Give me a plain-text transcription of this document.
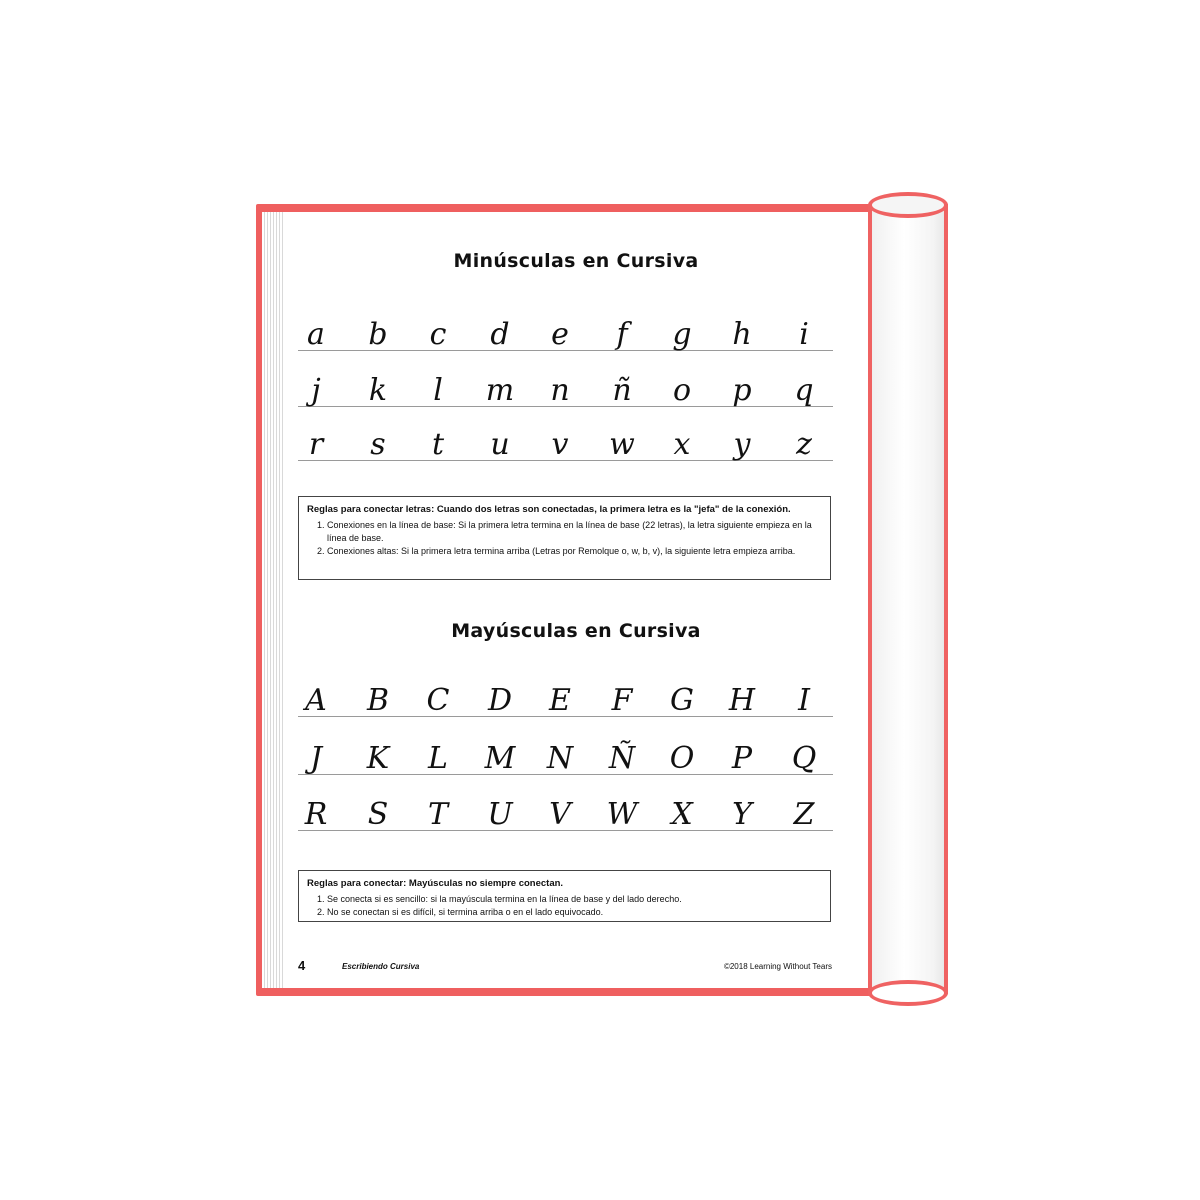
Minúsculas en Cursiva
a	b	c	d	e	f	g h	i
j	k	l	m n ñ o p q
r	s	t	u	v	w	x	y	z
Reglas para conectar letras: Cuando dos letras son conectadas, la primera letra es la "jefa" de la conexión.
1. Conexiones en la línea de base: Si la primera letra termina en la línea de base (22 letras), la letra siguiente empieza en la línea de base.
2. Conexiones altas: Si la primera letra termina arriba (Letras por Remolque o, w, b, v), la siguiente letra empieza arriba.
Mayúsculas en Cursiva
A B C D E F G H	I
J	K L M N Ñ O P Q
R S T U V W X Y Z
Reglas para conectar: Mayúsculas no siempre conectan.
1. Se conecta si es sencillo: si la mayúscula termina en la línea de base y del lado derecho.
2. No se conectan si es difícil, si termina arriba o en el lado equivocado.
4	Escribiendo Cursiva	©2018 Learning Without Tears
